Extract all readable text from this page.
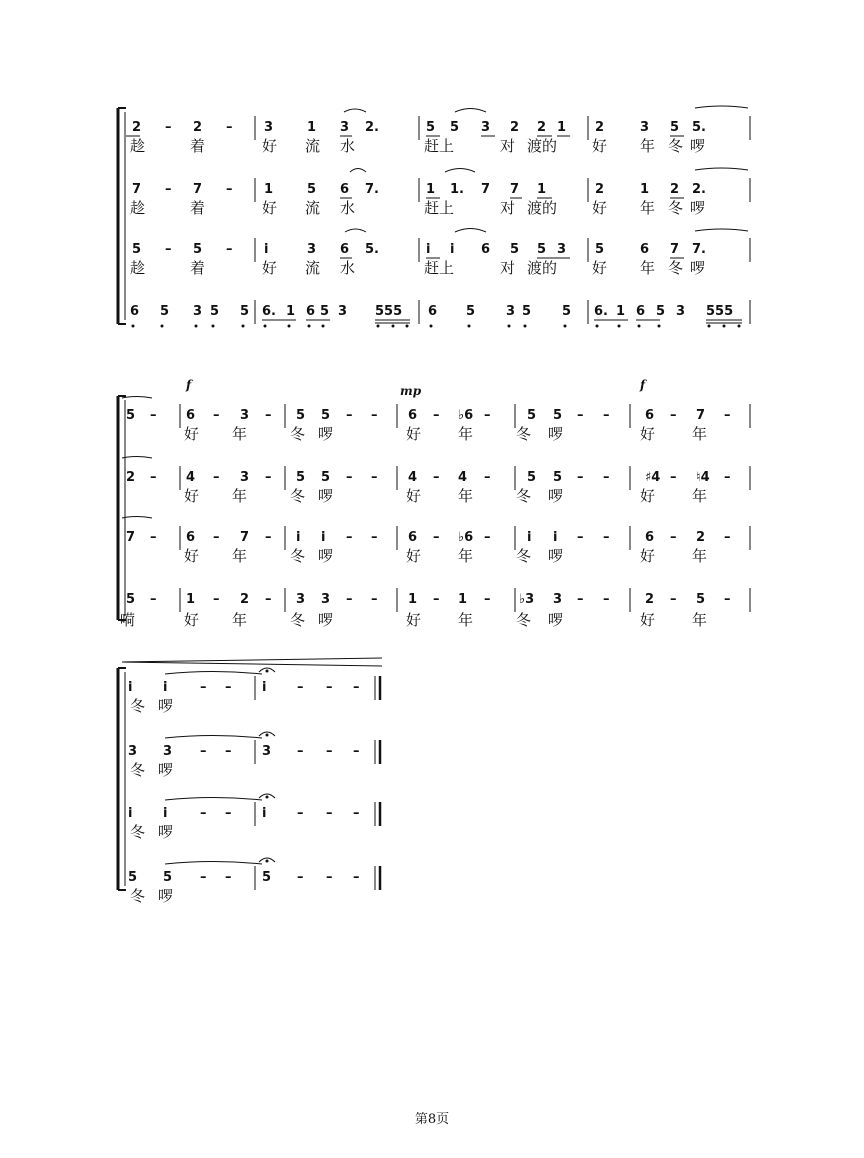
f	mp	f
2 – 2 – 3	1 3 2.	5 5 3 2 2 1 2	3 5 5.
趁	着	好 流 水	赶上	对 渡的 好 年 冬 啰
7 – 7 – 1	5 6 7.	1 1. 7 7 1	2	1 2 2.
趁	着	好 流 水	赶上	对 渡的 好 年 冬 啰
5 – 5 – i	3 6 5.	i i 6 5 5 3 5	6 7 7.
趁	着	好 流 水	赶上	对 渡的 好 年 冬 啰
6 5 3 5 5 6. 1 6 5 3 555 6 5 3 5 5 6. 1 6 5 3 555
5 – 6 – 3 – 5 5 – – 6 – ♭6 –	5 5 – –	6 – 7 –
好 年	冬 啰	好 年	冬 啰	好 年
2 – 4 – 3 – 5 5 – – 4 – 4 –	5 5 – –	♯4 – ♮4 –
好 年	冬 啰	好 年	冬 啰	好 年
7 – 6 – 7 – i i – – 6 – ♭6 –	i i – –	6 – 2 –
好 年	冬 啰	好 年	冬 啰	好 年
5 – 1 – 2 – 3 3 – – 1 – 1 – ♭3 3 – –	2 – 5 –
嗬	好 年	冬 啰	好 年	冬 啰	好 年
i i	– – i – – –
冬 啰
3 3 – – 3 – – –
冬 啰
i i	– – i – – –
冬 啰
5 5 – – 5 – – –
冬 啰
第8页
